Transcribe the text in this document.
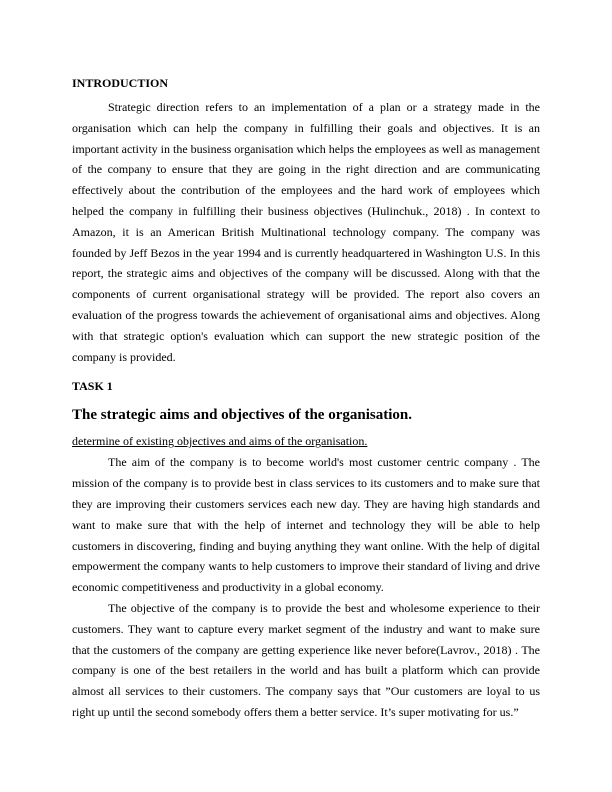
INTRODUCTION

Strategic direction refers to an implementation of a plan or a strategy made in the organisation which can help the company in fulfilling their goals and objectives. It is an important activity in the business organisation which helps the employees as well as management of the company to ensure that they are going in the right direction and are communicating effectively about the contribution of the employees and the hard work of employees which helped the company in fulfilling their business objectives (Hulinchuk., 2018) . In context to Amazon, it is an American British Multinational technology company. The company was founded by Jeff Bezos in the year 1994 and is currently headquartered in Washington U.S. In this report, the strategic aims and objectives of the company will be discussed. Along with that the components of current organisational strategy will be provided. The report also covers an evaluation of the progress towards the achievement of organisational aims and objectives. Along with that strategic option's evaluation which can support the new strategic position of the company is provided.

TASK 1

The strategic aims and objectives of the organisation.

determine of existing objectives and aims of the organisation.

The aim of the company is to become world's most customer centric company . The mission of the company is to provide best in class services to its customers and to make sure that they are improving their customers services each new day. They are having high standards and want to make sure that with the help of internet and technology they will be able to help customers in discovering, finding and buying anything they want online. With the help of digital empowerment the company wants to help customers to improve their standard of living and drive economic competitiveness and productivity in a global economy.

The objective of the company is to provide the best and wholesome experience to their customers. They want to capture every market segment of the industry and want to make sure that the customers of the company are getting experience like never before(Lavrov., 2018) . The company is one of the best retailers in the world and has built a platform which can provide almost all services to their customers. The company says that ”Our customers are loyal to us right up until the second somebody offers them a better service. It’s super motivating for us.”
